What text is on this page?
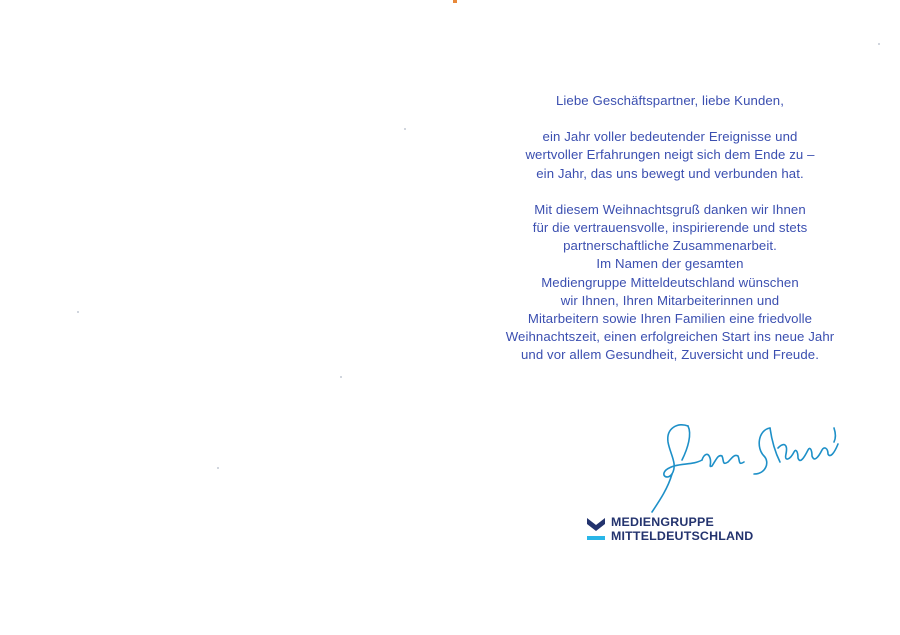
Liebe Geschäftspartner, liebe Kunden,

ein Jahr voller bedeutender Ereignisse und
wertvoller Erfahrungen neigt sich dem Ende zu –
ein Jahr, das uns bewegt und verbunden hat.

Mit diesem Weihnachtsgruß danken wir Ihnen
für die vertrauensvolle, inspirierende und stets
partnerschaftliche Zusammenarbeit.
Im Namen der gesamten
Mediengruppe Mitteldeutschland wünschen
wir Ihnen, Ihren Mitarbeiterinnen und
Mitarbeitern sowie Ihren Familien eine friedvolle
Weihnachtszeit, einen erfolgreichen Start ins neue Jahr
und vor allem Gesundheit, Zuversicht und Freude.

MEDIENGRUPPE
MITTELDEUTSCHLAND
